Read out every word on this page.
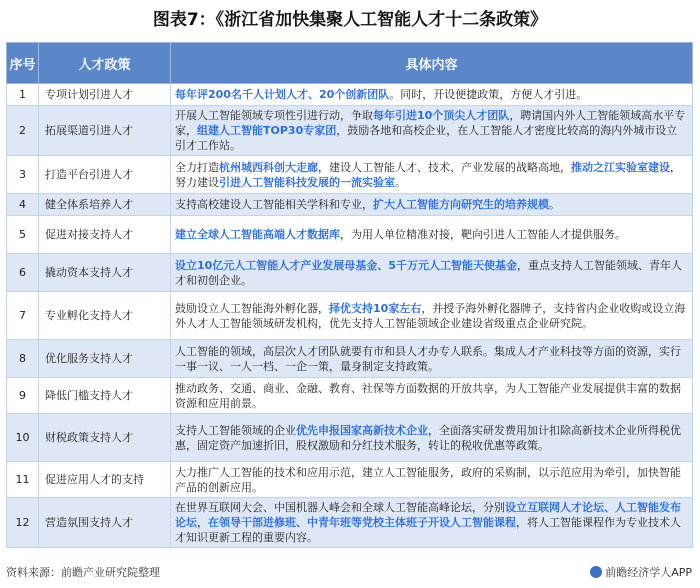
图表7：《浙江省加快集聚人工智能人才十二条政策》
序号	人才政策	具体内容
1	专项计划引进人才	每年评200名千人计划人才、20个创新团队。同时，开设便捷政策，方便人才引进。
2	拓展渠道引进人才	开展人工智能领域专项性引进行动，争取每年引进10个顶尖人才团队，聘请国内外人工智能领域高水平专家，组建人工智能TOP30专家团，鼓励各地和高校企业，在人工智能人才密度比较高的海内外城市设立引才工作站。
3	打造平台引进人才	全力打造杭州城西科创大走廊，建设人工智能人才、技术、产业发展的战略高地，推动之江实验室建设，努力建设引进人工智能科技发展的一流实验室。
4	健全体系培养人才	支持高校建设人工智能相关学科和专业，扩大人工智能方向研究生的培养规模。
5	促进对接支持人才	建立全球人工智能高端人才数据库，为用人单位精准对接，靶向引进人工智能人才提供服务。
6	撬动资本支持人才	设立10亿元人工智能人才产业发展母基金、5千万元人工智能天使基金，重点支持人工智能领域、青年人才和初创企业。
7	专业孵化支持人才	鼓励设立人工智能海外孵化器，择优支持10家左右，并授予海外孵化器牌子，支持省内企业收购或设立海外人才人工智能领域研发机构，优先支持人工智能领域企业建设省级重点企业研究院。
8	优化服务支持人才	人工智能的领域，高层次人才团队就要有市和县人才办专人联系。集成人才产业科技等方面的资源，实行一事一议、一人一档、一企一策，量身制定支持政策。
9	降低门槛支持人才	推动政务、交通、商业、金融、教育、社保等方面数据的开放共享，为人工智能产业发展提供丰富的数据资源和应用前景。
10	财税政策支持人才	支持人工智能领域的企业优先申报国家高新技术企业，全面落实研发费用加计扣除高新技术企业所得税优惠，固定资产加速折旧，股权激励和分红技术服务，转让的税收优惠等政策。
11	促进应用人才的支持	大力推广人工智能的技术和应用示范，建立人工智能服务，政府的采购制，以示范应用为牵引，加快智能产品的创新应用。
12	营造氛围支持人才	在世界互联网大会、中国机器人峰会和全球人工智能高峰论坛，分别设立互联网人才论坛、人工智能发布论坛，在领导干部进修班、中青年班等党校主体班子开设人工智能课程，将人工智能课程作为专业技术人才知识更新工程的重要内容。
资料来源：前瞻产业研究院整理	前瞻经济学人APP
